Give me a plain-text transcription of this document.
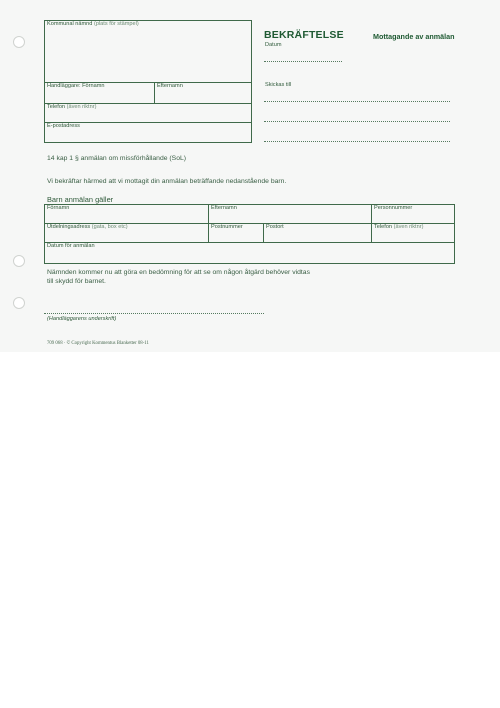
Kommunal nämnd (plats för stämpel)
Handläggare: Förnamn	Efternamn
Telefon (även riktnr)
E-postadress
BEKRÄFTELSE	Mottagande av anmälan
Datum
Skickas till
14 kap 1 § anmälan om missförhållande (SoL)
Vi bekräftar härmed att vi mottagit din anmälan beträffande nedanstående barn.
Barn anmälan gäller
Förnamn	Efternamn	Personnummer
Utdelningsadress (gata, box etc)	Postnummer	Postort	Telefon (även riktnr)
Datum för anmälan
Nämnden kommer nu att göra en bedömning för att se om någon åtgärd behöver vidtas
till skydd för barnet.
(Handläggarens underskrift)
709 068 · © Copyright Kommentus Blanketter 08-11
